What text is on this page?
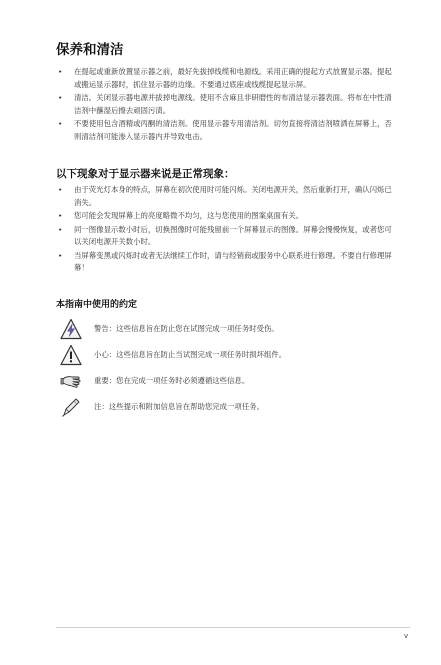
保养和清洁
• 在提起或重新放置显示器之前，最好先拔掉线缆和电源线。采用正确的提起方式放置显示器。提起或搬运显示器时，抓住显示器的边缘。不要通过底座或线缆提起显示屏。
• 清洁。关闭显示器电源并拔掉电源线。使用不含麻且非研磨性的布清洁显示器表面。将布在中性清洁剂中蘸湿后擦去顽固污渍。
• 不要使用包含酒精或丙酮的清洁剂。使用显示器专用清洁剂。切勿直接将清洁剂喷洒在屏幕上，否则清洁剂可能渗入显示器内并导致电击。
以下现象对于显示器来说是正常现象：
• 由于荧光灯本身的特点，屏幕在初次使用时可能闪烁。关闭电源开关，然后重新打开，确认闪烁已消失。
• 您可能会发现屏幕上的亮度略微不均匀，这与您使用的图案桌面有关。
• 同一图像显示数小时后，切换图像时可能残留前一个屏幕显示的图像。屏幕会慢慢恢复，或者您可以关闭电源开关数小时。
• 当屏幕变黑或闪烁时或者无法继续工作时，请与经销商或服务中心联系进行修理。不要自行修理屏幕！
本指南中使用的约定
警告：这些信息旨在防止您在试图完成一项任务时受伤。
小心：这些信息旨在防止当试图完成一项任务时损坏组件。
重要：您在完成一项任务时必须遵循这些信息。
注：这些提示和附加信息旨在帮助您完成一项任务。
v
